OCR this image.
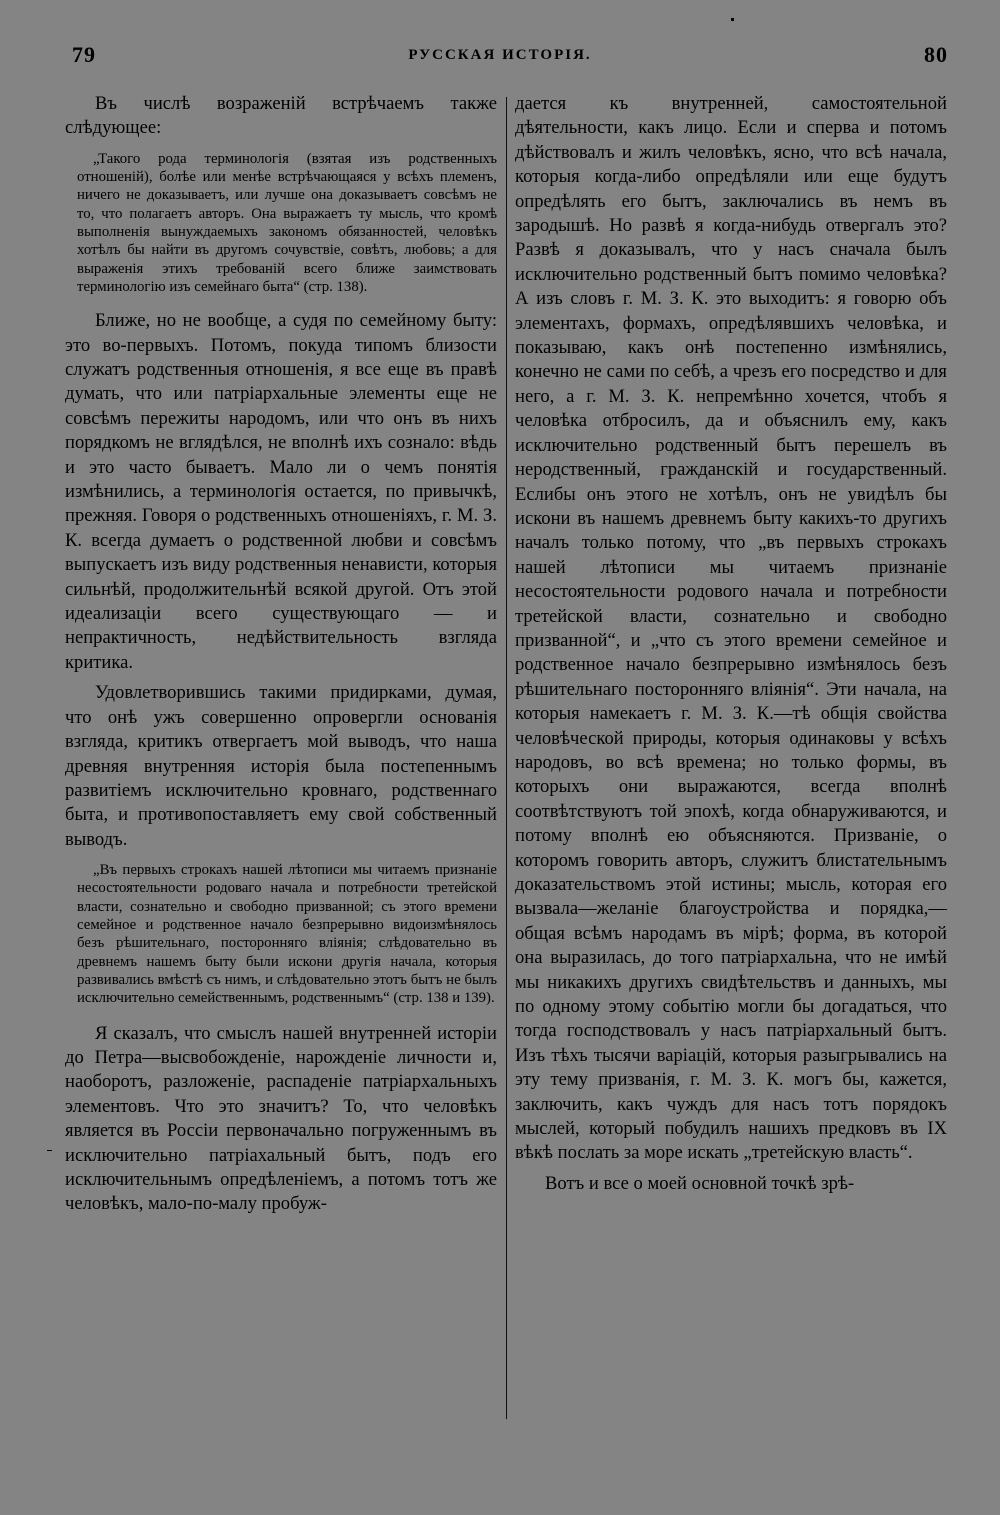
79	РУССКАЯ ИСТОРІЯ.	80

Въ числѣ возраженій встрѣчаемъ также слѣдующее:

„Такого рода терминологія (взятая изъ родственныхъ отношеній), болѣе или менѣе встрѣчающаяся у всѣхъ племенъ, ничего не доказываетъ, или лучше она доказываетъ совсѣмъ не то, что полагаетъ авторъ. Она выражаетъ ту мысль, что кромѣ выполненія вынуждаемыхъ закономъ обязанностей, человѣкъ хотѣлъ бы найти въ другомъ сочувствіе, совѣтъ, любовь; а для выраженія этихъ требованій всего ближе заимствовать терминологію изъ семейнаго быта“ (стр. 138).

Ближе, но не вообще, а судя по семейному быту: это во-первыхъ. Потомъ, покуда типомъ близости служатъ родственныя отношенія, я все еще въ правѣ думать, что или патріархальные элементы еще не совсѣмъ пережиты народомъ, или что онъ въ нихъ порядкомъ не вглядѣлся, не вполнѣ ихъ сознало: вѣдь и это часто бываетъ. Мало ли о чемъ понятія измѣнились, а терминологія остается, по привычкѣ, прежняя. Говоря о родственныхъ отношеніяхъ, г. М. З. К. всегда думаетъ о родственной любви и совсѣмъ выпускаетъ изъ виду родственныя ненависти, которыя сильнѣй, продолжительнѣй всякой другой. Отъ этой идеализаціи всего существующаго — и непрактичность, недѣйствительность взгляда критика.

Удовлетворившись такими придирками, думая, что онѣ ужъ совершенно опровергли основанія взгляда, критикъ отвергаетъ мой выводъ, что наша древняя внутренняя исторія была постепеннымъ развитіемъ исключительно кровнаго, родственнаго быта, и противопоставляетъ ему свой собственный выводъ.

„Въ первыхъ строкахъ нашей лѣтописи мы читаемъ признаніе несостоятельности родоваго начала и потребности третейской власти, сознательно и свободно призванной; съ этого времени семейное и родственное начало безпрерывно видоизмѣнялось безъ рѣшительнаго, посторонняго вліянія; слѣдовательно въ древнемъ нашемъ быту были искони другія начала, которыя развивались вмѣстѣ съ нимъ, и слѣдовательно этотъ бытъ не былъ исключительно семейственнымъ, родственнымъ“ (стр. 138 и 139).

Я сказалъ, что смыслъ нашей внутренней исторіи до Петра—высвобожденіе, нарожденіе личности и, наоборотъ, разложеніе, распаденіе патріархальныхъ элементовъ. Что это значитъ? То, что человѣкъ является въ Россіи первоначально погруженнымъ въ исключительно патріахальный бытъ, подъ его исключительнымъ опредѣленіемъ, а потомъ тотъ же человѣкъ, мало-по-малу пробуж-

дается къ внутренней, самостоятельной дѣятельности, какъ лицо. Если и сперва и потомъ дѣйствовалъ и жилъ человѣкъ, ясно, что всѣ начала, которыя когда-либо опредѣляли или еще будутъ опредѣлять его бытъ, заключались въ немъ въ зародышѣ. Но развѣ я когда-нибудь отвергалъ это? Развѣ я доказывалъ, что у насъ сначала былъ исключительно родственный бытъ помимо человѣка? А изъ словъ г. М. З. К. это выходитъ: я говорю объ элементахъ, формахъ, опредѣлявшихъ человѣка, и показываю, какъ онѣ постепенно измѣнялись, конечно не сами по себѣ, а чрезъ его посредство и для него, а г. М. З. К. непремѣнно хочется, чтобъ я человѣка отбросилъ, да и объяснилъ ему, какъ исключительно родственный бытъ перешелъ въ неродственный, гражданскій и государственный. Еслибы онъ этого не хотѣлъ, онъ не увидѣлъ бы искони въ нашемъ древнемъ быту какихъ-то другихъ началъ только потому, что „въ первыхъ строкахъ нашей лѣтописи мы читаемъ признаніе несостоятельности родового начала и потребности третейской власти, сознательно и свободно призванной“, и „что съ этого времени семейное и родственное начало безпрерывно измѣнялось безъ рѣшительнаго посторонняго вліянія“. Эти начала, на которыя намекаетъ г. М. З. К.—тѣ общія свойства человѣческой природы, которыя одинаковы у всѣхъ народовъ, во всѣ времена; но только формы, въ которыхъ они выражаются, всегда вполнѣ соотвѣтствуютъ той эпохѣ, когда обнаруживаются, и потому вполнѣ ею объясняются. Призваніе, о которомъ говорить авторъ, служитъ блистательнымъ доказательствомъ этой истины; мысль, которая его вызвала—желаніе благоустройства и порядка,—общая всѣмъ народамъ въ мірѣ; форма, въ которой она выразилась, до того патріархальна, что не имѣй мы никакихъ другихъ свидѣтельствъ и данныхъ, мы по одному этому событію могли бы догадаться, что тогда господствовалъ у насъ патріархальный бытъ. Изъ тѣхъ тысячи варіацій, которыя разыгрывались на эту тему призванія, г. М. З. К. могъ бы, кажется, заключить, какъ чуждъ для насъ тотъ порядокъ мыслей, который побудилъ нашихъ предковъ въ IX вѣкѣ послать за море искать „третейскую власть“.

Вотъ и все о моей основной точкѣ зрѣ-
